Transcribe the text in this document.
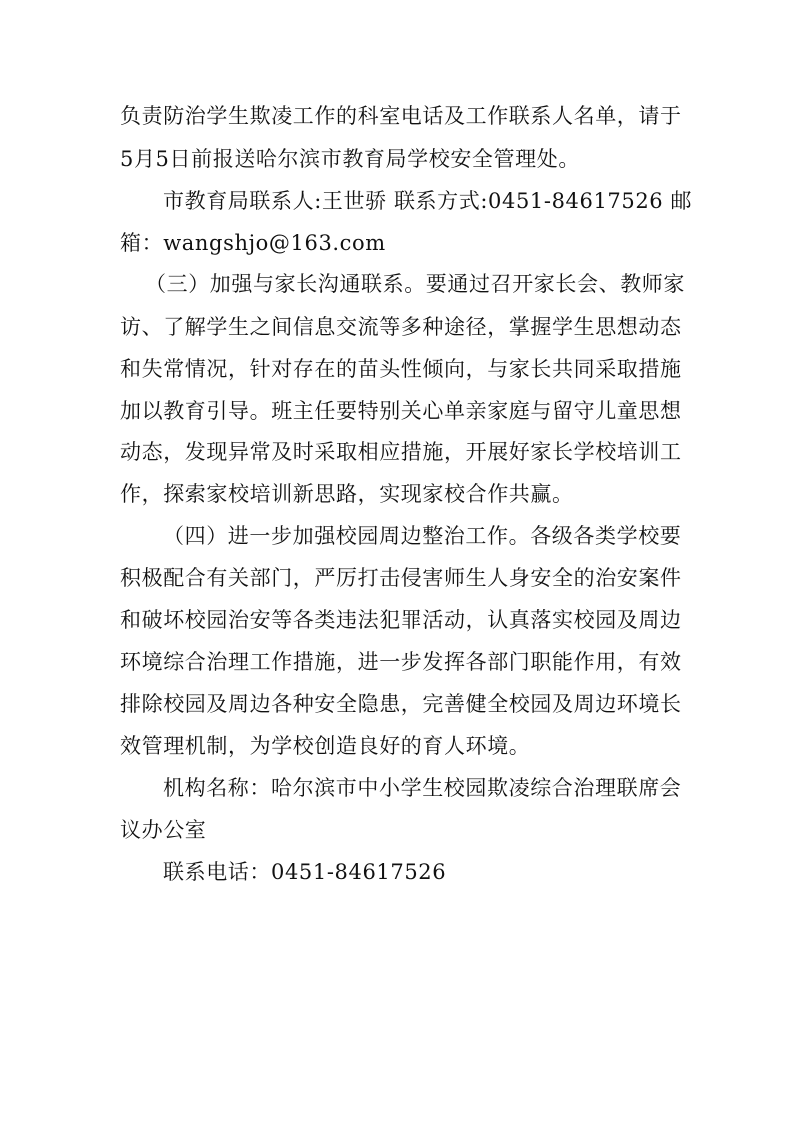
负责防治学生欺凌工作的科室电话及工作联系人名单，请于
5月5日前报送哈尔滨市教育局学校安全管理处。
市教育局联系人:王世骄 联系方式:0451-84617526 邮
箱：wangshjo@163.com
（三）加强与家长沟通联系。要通过召开家长会、教师家
访、了解学生之间信息交流等多种途径，掌握学生思想动态
和失常情况，针对存在的苗头性倾向，与家长共同采取措施
加以教育引导。班主任要特别关心单亲家庭与留守儿童思想
动态，发现异常及时采取相应措施，开展好家长学校培训工
作，探索家校培训新思路，实现家校合作共赢。
（四）进一步加强校园周边整治工作。各级各类学校要
积极配合有关部门，严厉打击侵害师生人身安全的治安案件
和破坏校园治安等各类违法犯罪活动，认真落实校园及周边
环境综合治理工作措施，进一步发挥各部门职能作用，有效
排除校园及周边各种安全隐患，完善健全校园及周边环境长
效管理机制，为学校创造良好的育人环境。
机构名称：哈尔滨市中小学生校园欺凌综合治理联席会
议办公室
联系电话：0451-84617526
